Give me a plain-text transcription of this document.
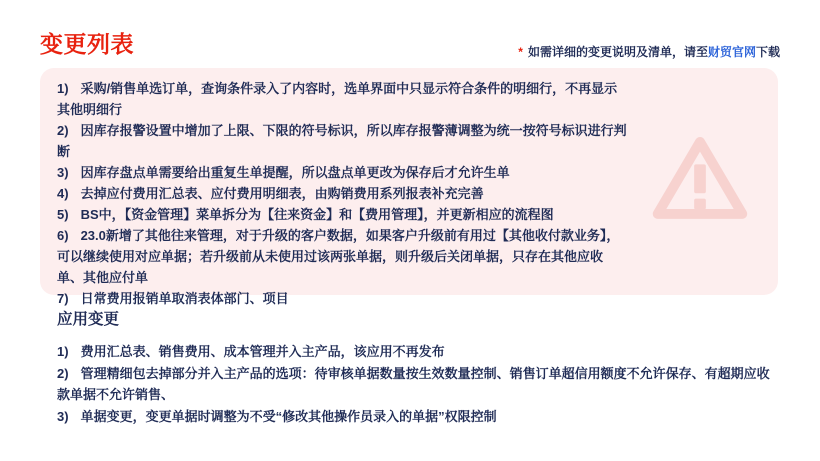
变更列表	* 如需详细的变更说明及清单，请至财贸官网下载
1) 采购/销售单选订单，查询条件录入了内容时，选单界面中只显示符合条件的明细行，不再显示其他明细行
2) 因库存报警设置中增加了上限、下限的符号标识，所以库存报警薄调整为统一按符号标识进行判断
3) 因库存盘点单需要给出重复生单提醒，所以盘点单更改为保存后才允许生单
4) 去掉应付费用汇总表、应付费用明细表，由购销费用系列报表补充完善
5) BS中，【资金管理】菜单拆分为【往来资金】和【费用管理】，并更新相应的流程图
6) 23.0新增了其他往来管理，对于升级的客户数据，如果客户升级前有用过【其他收付款业务】，可以继续使用对应单据；若升级前从未使用过该两张单据，则升级后关闭单据，只存在其他应收单、其他应付单
7) 日常费用报销单取消表体部门、项目
应用变更
1) 费用汇总表、销售费用、成本管理并入主产品，该应用不再发布
2) 管理精细包去掉部分并入主产品的选项：待审核单据数量按生效数量控制、销售订单超信用额度不允许保存、有超期应收款单据不允许销售、
3) 单据变更，变更单据时调整为不受“修改其他操作员录入的单据”权限控制
